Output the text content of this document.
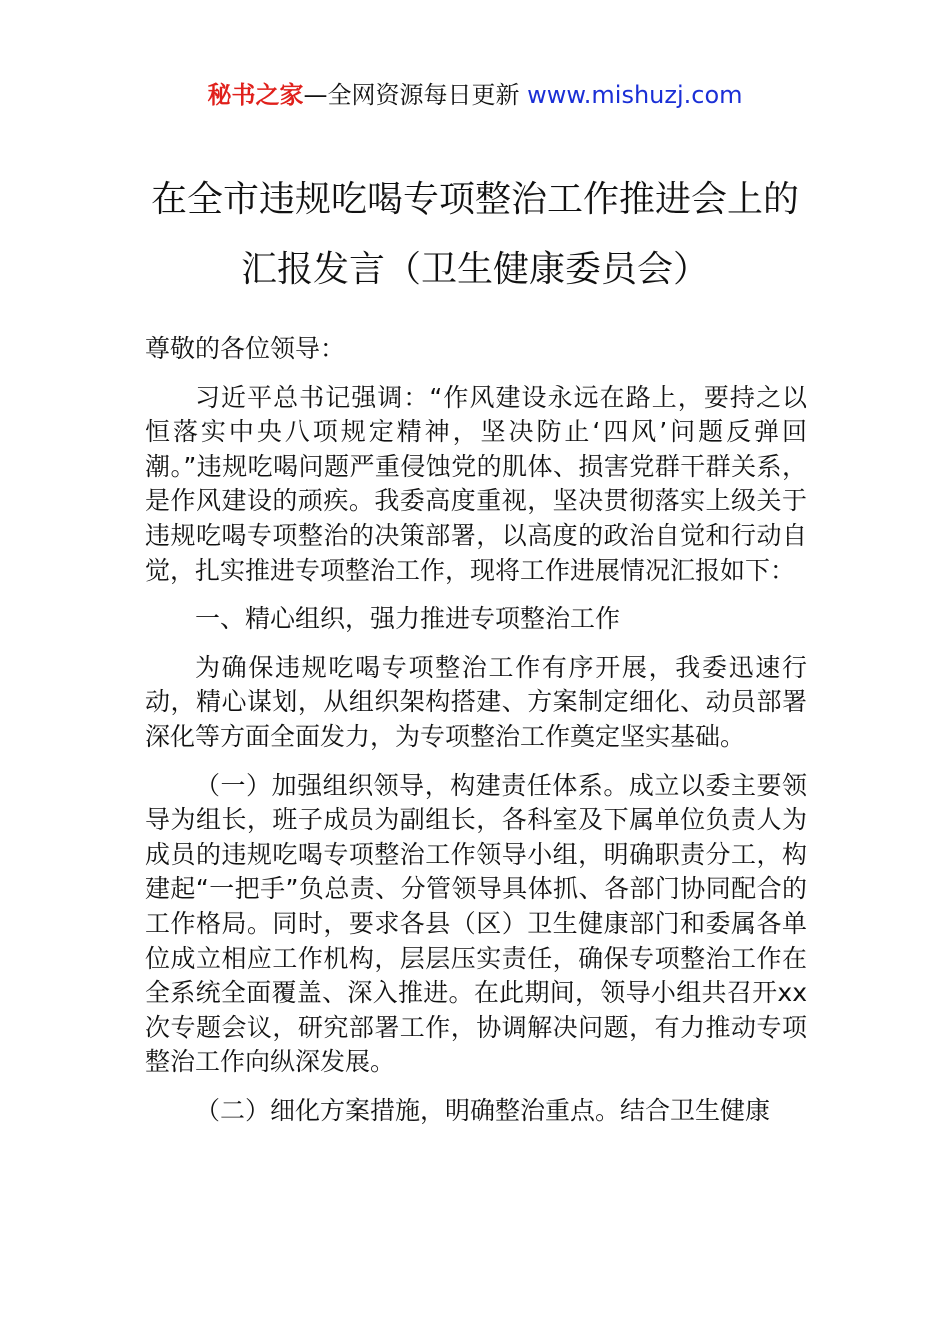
秘书之家—全网资源每日更新 www.mishuzj.com
在全市违规吃喝专项整治工作推进会上的
汇报发言（卫生健康委员会）

尊敬的各位领导：

习近平总书记强调：“作风建设永远在路上，要持之以恒落实中央八项规定精神，坚决防止‘四风’问题反弹回潮。”违规吃喝问题严重侵蚀党的肌体、损害党群干群关系，是作风建设的顽疾。我委高度重视，坚决贯彻落实上级关于违规吃喝专项整治的决策部署，以高度的政治自觉和行动自觉，扎实推进专项整治工作，现将工作进展情况汇报如下：

一、精心组织，强力推进专项整治工作

为确保违规吃喝专项整治工作有序开展，我委迅速行动，精心谋划，从组织架构搭建、方案制定细化、动员部署深化等方面全面发力，为专项整治工作奠定坚实基础。

（一）加强组织领导，构建责任体系。成立以委主要领导为组长，班子成员为副组长，各科室及下属单位负责人为成员的违规吃喝专项整治工作领导小组，明确职责分工，构建起“一把手”负总责、分管领导具体抓、各部门协同配合的工作格局。同时，要求各县（区）卫生健康部门和委属各单位成立相应工作机构，层层压实责任，确保专项整治工作在全系统全面覆盖、深入推进。在此期间，领导小组共召开xx次专题会议，研究部署工作，协调解决问题，有力推动专项整治工作向纵深发展。

（二）细化方案措施，明确整治重点。结合卫生健康
